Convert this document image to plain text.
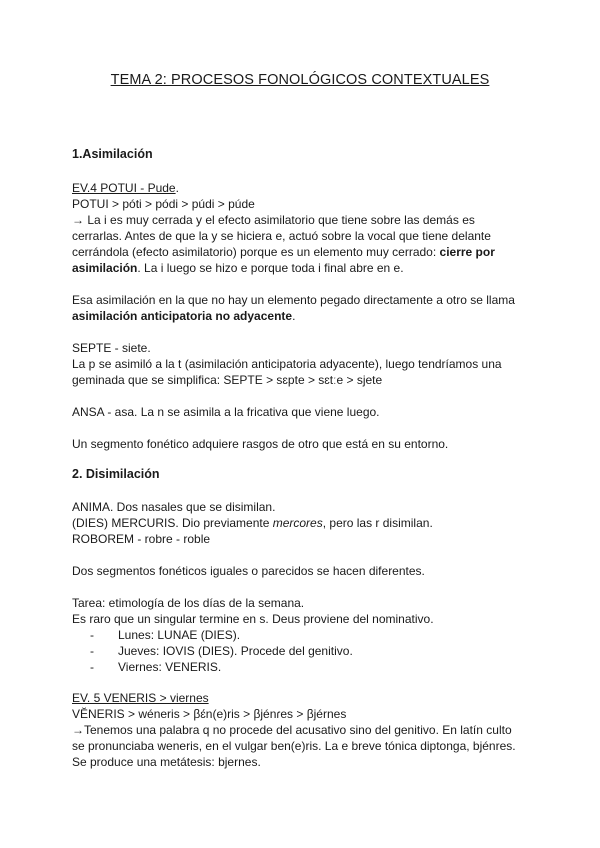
TEMA 2: PROCESOS FONOLÓGICOS CONTEXTUALES
1.Asimilación
EV.4 POTUI - Pude.
POTUI > póti > pódi > púdi > púde
→ La i es muy cerrada y el efecto asimilatorio que tiene sobre las demás es
cerrarlas. Antes de que la y se hiciera e, actuó sobre la vocal que tiene delante
cerrándola (efecto asimilatorio) porque es un elemento muy cerrado: cierre por
asimilación. La i luego se hizo e porque toda i final abre en e.
Esa asimilación en la que no hay un elemento pegado directamente a otro se llama
asimilación anticipatoria no adyacente.
SEPTE - siete.
La p se asimiló a la t (asimilación anticipatoria adyacente), luego tendríamos una
geminada que se simplifica: SEPTE > sɛpte > sɛtːe > sjete
ANSA - asa. La n se asimila a la fricativa que viene luego.
Un segmento fonético adquiere rasgos de otro que está en su entorno.
2. Disimilación
ANIMA. Dos nasales que se disimilan.
(DIES) MERCURIS. Dio previamente mercores, pero las r disimilan.
ROBOREM - robre - roble
Dos segmentos fonéticos iguales o parecidos se hacen diferentes.
Tarea: etimología de los días de la semana.
Es raro que un singular termine en s. Deus proviene del nominativo.
- Lunes: LUNAE (DIES).
- Jueves: IOVIS (DIES). Procede del genitivo.
- Viernes: VENERIS.
EV. 5 VENERIS > viernes
VĔNERIS > wéneris > βɛ́n(e)ris > βjénɾes > βjérnes
→Tenemos una palabra q no procede del acusativo sino del genitivo. En latín culto
se pronunciaba weneris, en el vulgar ben(e)ris. La e breve tónica diptonga, bjénres.
Se produce una metátesis: bjernes.
